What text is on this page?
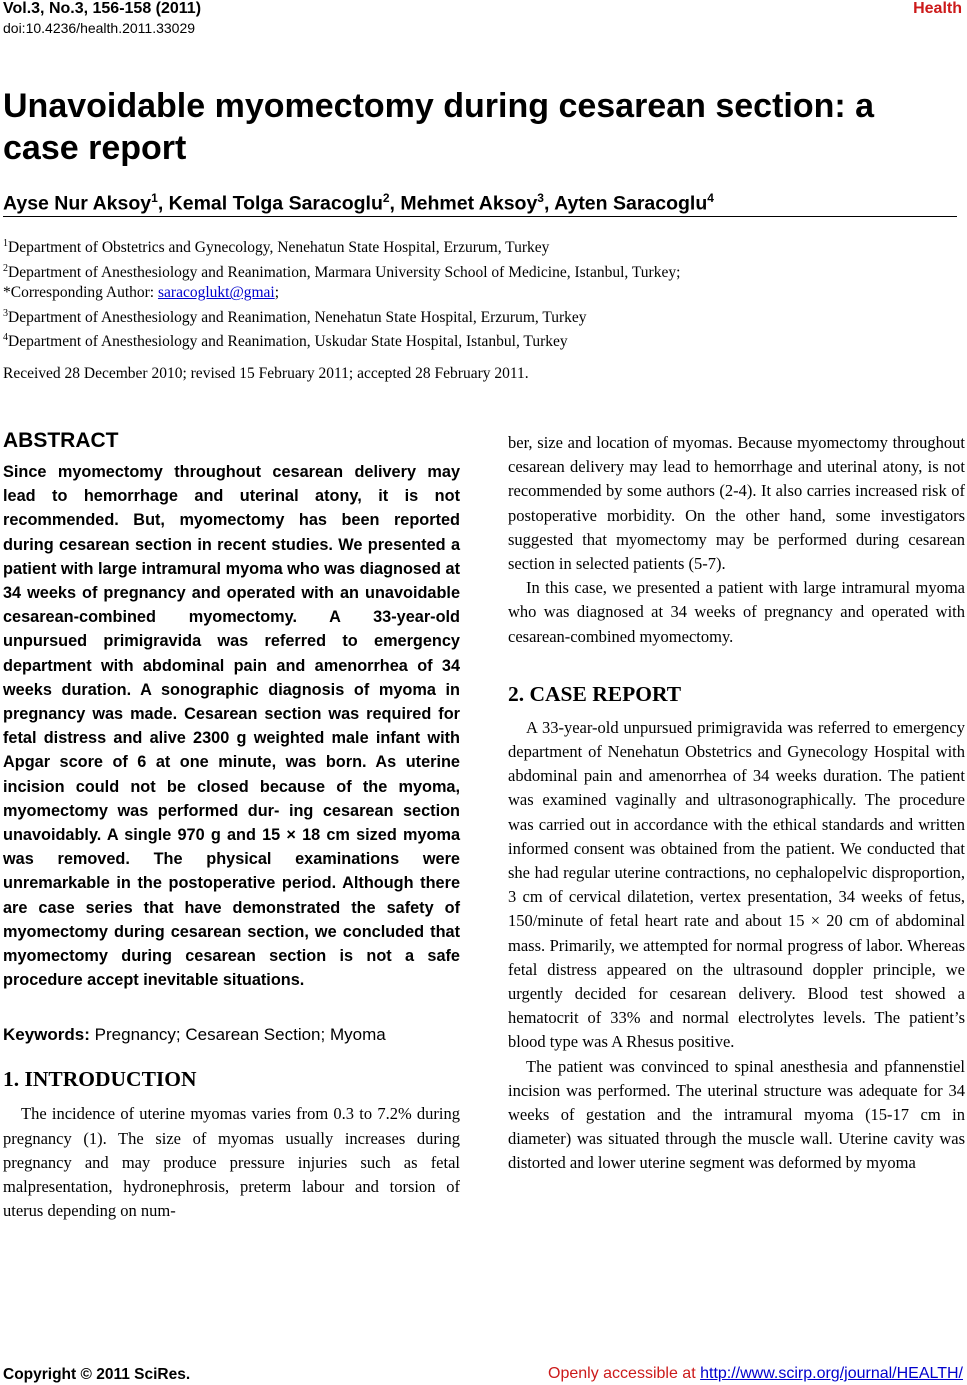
Vol.3, No.3, 156-158 (2011)
doi:10.4236/health.2011.33029
Health
Unavoidable myomectomy during cesarean section: a case report
Ayse Nur Aksoy$^1$, Kemal Tolga Saracoglu$^2$, Mehmet Aksoy$^3$, Ayten Saracoglu$^4$
$^1$Department of Obstetrics and Gynecology, Nenehatun State Hospital, Erzurum, Turkey
$^2$Department of Anesthesiology and Reanimation, Marmara University School of Medicine, Istanbul, Turkey;
*Corresponding Author: saracoglukt@gmai;
$^3$Department of Anesthesiology and Reanimation, Nenehatun State Hospital, Erzurum, Turkey
$^4$Department of Anesthesiology and Reanimation, Uskudar State Hospital, Istanbul, Turkey
Received 28 December 2010; revised 15 February 2011; accepted 28 February 2011.
ABSTRACT

Since myomectomy throughout cesarean delivery may lead to hemorrhage and uterinal atony, it is not recommended. But, myomectomy has been reported during cesarean section in recent studies. We presented a patient with large intramural myoma who was diagnosed at 34 weeks of pregnancy and operated with an unavoidable cesarean-combined myomectomy. A 33-year-old unpursued primigravida was referred to emergency department with abdominal pain and amenorrhea of 34 weeks duration. A sonographic diagnosis of myoma in pregnancy was made. Cesarean section was required for fetal distress and alive 2300 g weighted male infant with Apgar score of 6 at one minute, was born. As uterine incision could not be closed because of the myoma, myomectomy was performed dur- ing cesarean section unavoidably. A single 970 g and 15 × 18 cm sized myoma was removed. The physical examinations were unremarkable in the postoperative period. Although there are case series that have demonstrated the safety of myomectomy during cesarean section, we concluded that myomectomy during cesarean section is not a safe procedure accept inevitable situations.

Keywords: Pregnancy; Cesarean Section; Myoma
1. INTRODUCTION

The incidence of uterine myomas varies from 0.3 to 7.2% during pregnancy (1). The size of myomas usually increases during pregnancy and may produce pressure injuries such as fetal malpresentation, hydronephrosis, preterm labour and torsion of uterus depending on num-

ber, size and location of myomas. Because myomectomy throughout cesarean delivery may lead to hemorrhage and uterinal atony, is not recommended by some authors (2-4). It also carries increased risk of postoperative morbidity. On the other hand, some investigators suggested that myomectomy may be performed during cesarean section in selected patients (5-7).

In this case, we presented a patient with large intramural myoma who was diagnosed at 34 weeks of pregnancy and operated with cesarean-combined myomectomy.

2. CASE REPORT

A 33-year-old unpursued primigravida was referred to emergency department of Nenehatun Obstetrics and Gynecology Hospital with abdominal pain and amenorrhea of 34 weeks duration. The patient was examined vaginally and ultrasonographically. The procedure was carried out in accordance with the ethical standards and written informed consent was obtained from the patient. We conducted that she had regular uterine contractions, no cephalopelvic disproportion, 3 cm of cervical dilatetion, vertex presentation, 34 weeks of fetus, 150/minute of fetal heart rate and about 15 × 20 cm of abdominal mass. Primarily, we attempted for normal progress of labor. Whereas fetal distress appeared on the ultrasound doppler principle, we urgently decided for cesarean delivery. Blood test showed a hematocrit of 33% and normal electrolytes levels. The patient’s blood type was A Rhesus positive.

The patient was convinced to spinal anesthesia and pfannenstiel incision was performed. The uterinal structure was adequate for 34 weeks of gestation and the intramural myoma (15-17 cm in diameter) was situated through the muscle wall. Uterine cavity was distorted and lower uterine segment was deformed by myoma

Copyright © 2011 SciRes.	Openly accessible at http://www.scirp.org/journal/HEALTH/
